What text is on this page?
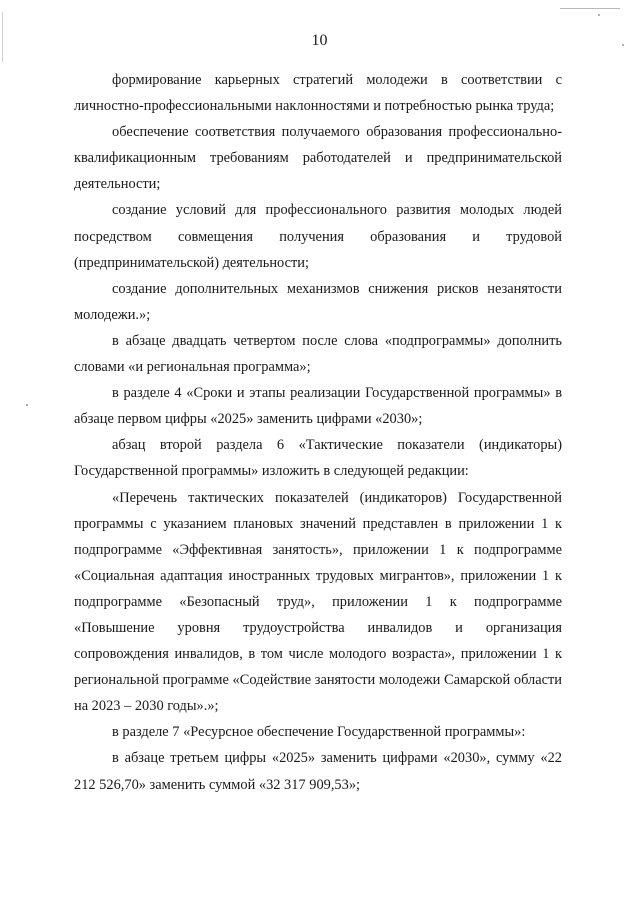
10

формирование карьерных стратегий молодежи в соответствии с личностно-профессиональными наклонностями и потребностью рынка труда;

обеспечение соответствия получаемого образования профессионально-квалификационным требованиям работодателей и предпринимательской деятельности;

создание условий для профессионального развития молодых людей посредством совмещения получения образования и трудовой (предпринимательской) деятельности;

создание дополнительных механизмов снижения рисков незанятости молодежи.»;

в абзаце двадцать четвертом после слова «подпрограммы» дополнить словами «и региональная программа»;

в разделе 4 «Сроки и этапы реализации Государственной программы» в абзаце первом цифры «2025» заменить цифрами «2030»;

абзац второй раздела 6 «Тактические показатели (индикаторы) Государственной программы» изложить в следующей редакции:

«Перечень тактических показателей (индикаторов) Государственной программы с указанием плановых значений представлен в приложении 1 к подпрограмме «Эффективная занятость», приложении 1 к подпрограмме «Социальная адаптация иностранных трудовых мигрантов», приложении 1 к подпрограмме «Безопасный труд», приложении 1 к подпрограмме «Повышение уровня трудоустройства инвалидов и организация сопровождения инвалидов, в том числе молодого возраста», приложении 1 к региональной программе «Содействие занятости молодежи Самарской области на 2023 – 2030 годы».»;

в разделе 7 «Ресурсное обеспечение Государственной программы»:

в абзаце третьем цифры «2025» заменить цифрами «2030», сумму «22 212 526,70» заменить суммой «32 317 909,53»;
